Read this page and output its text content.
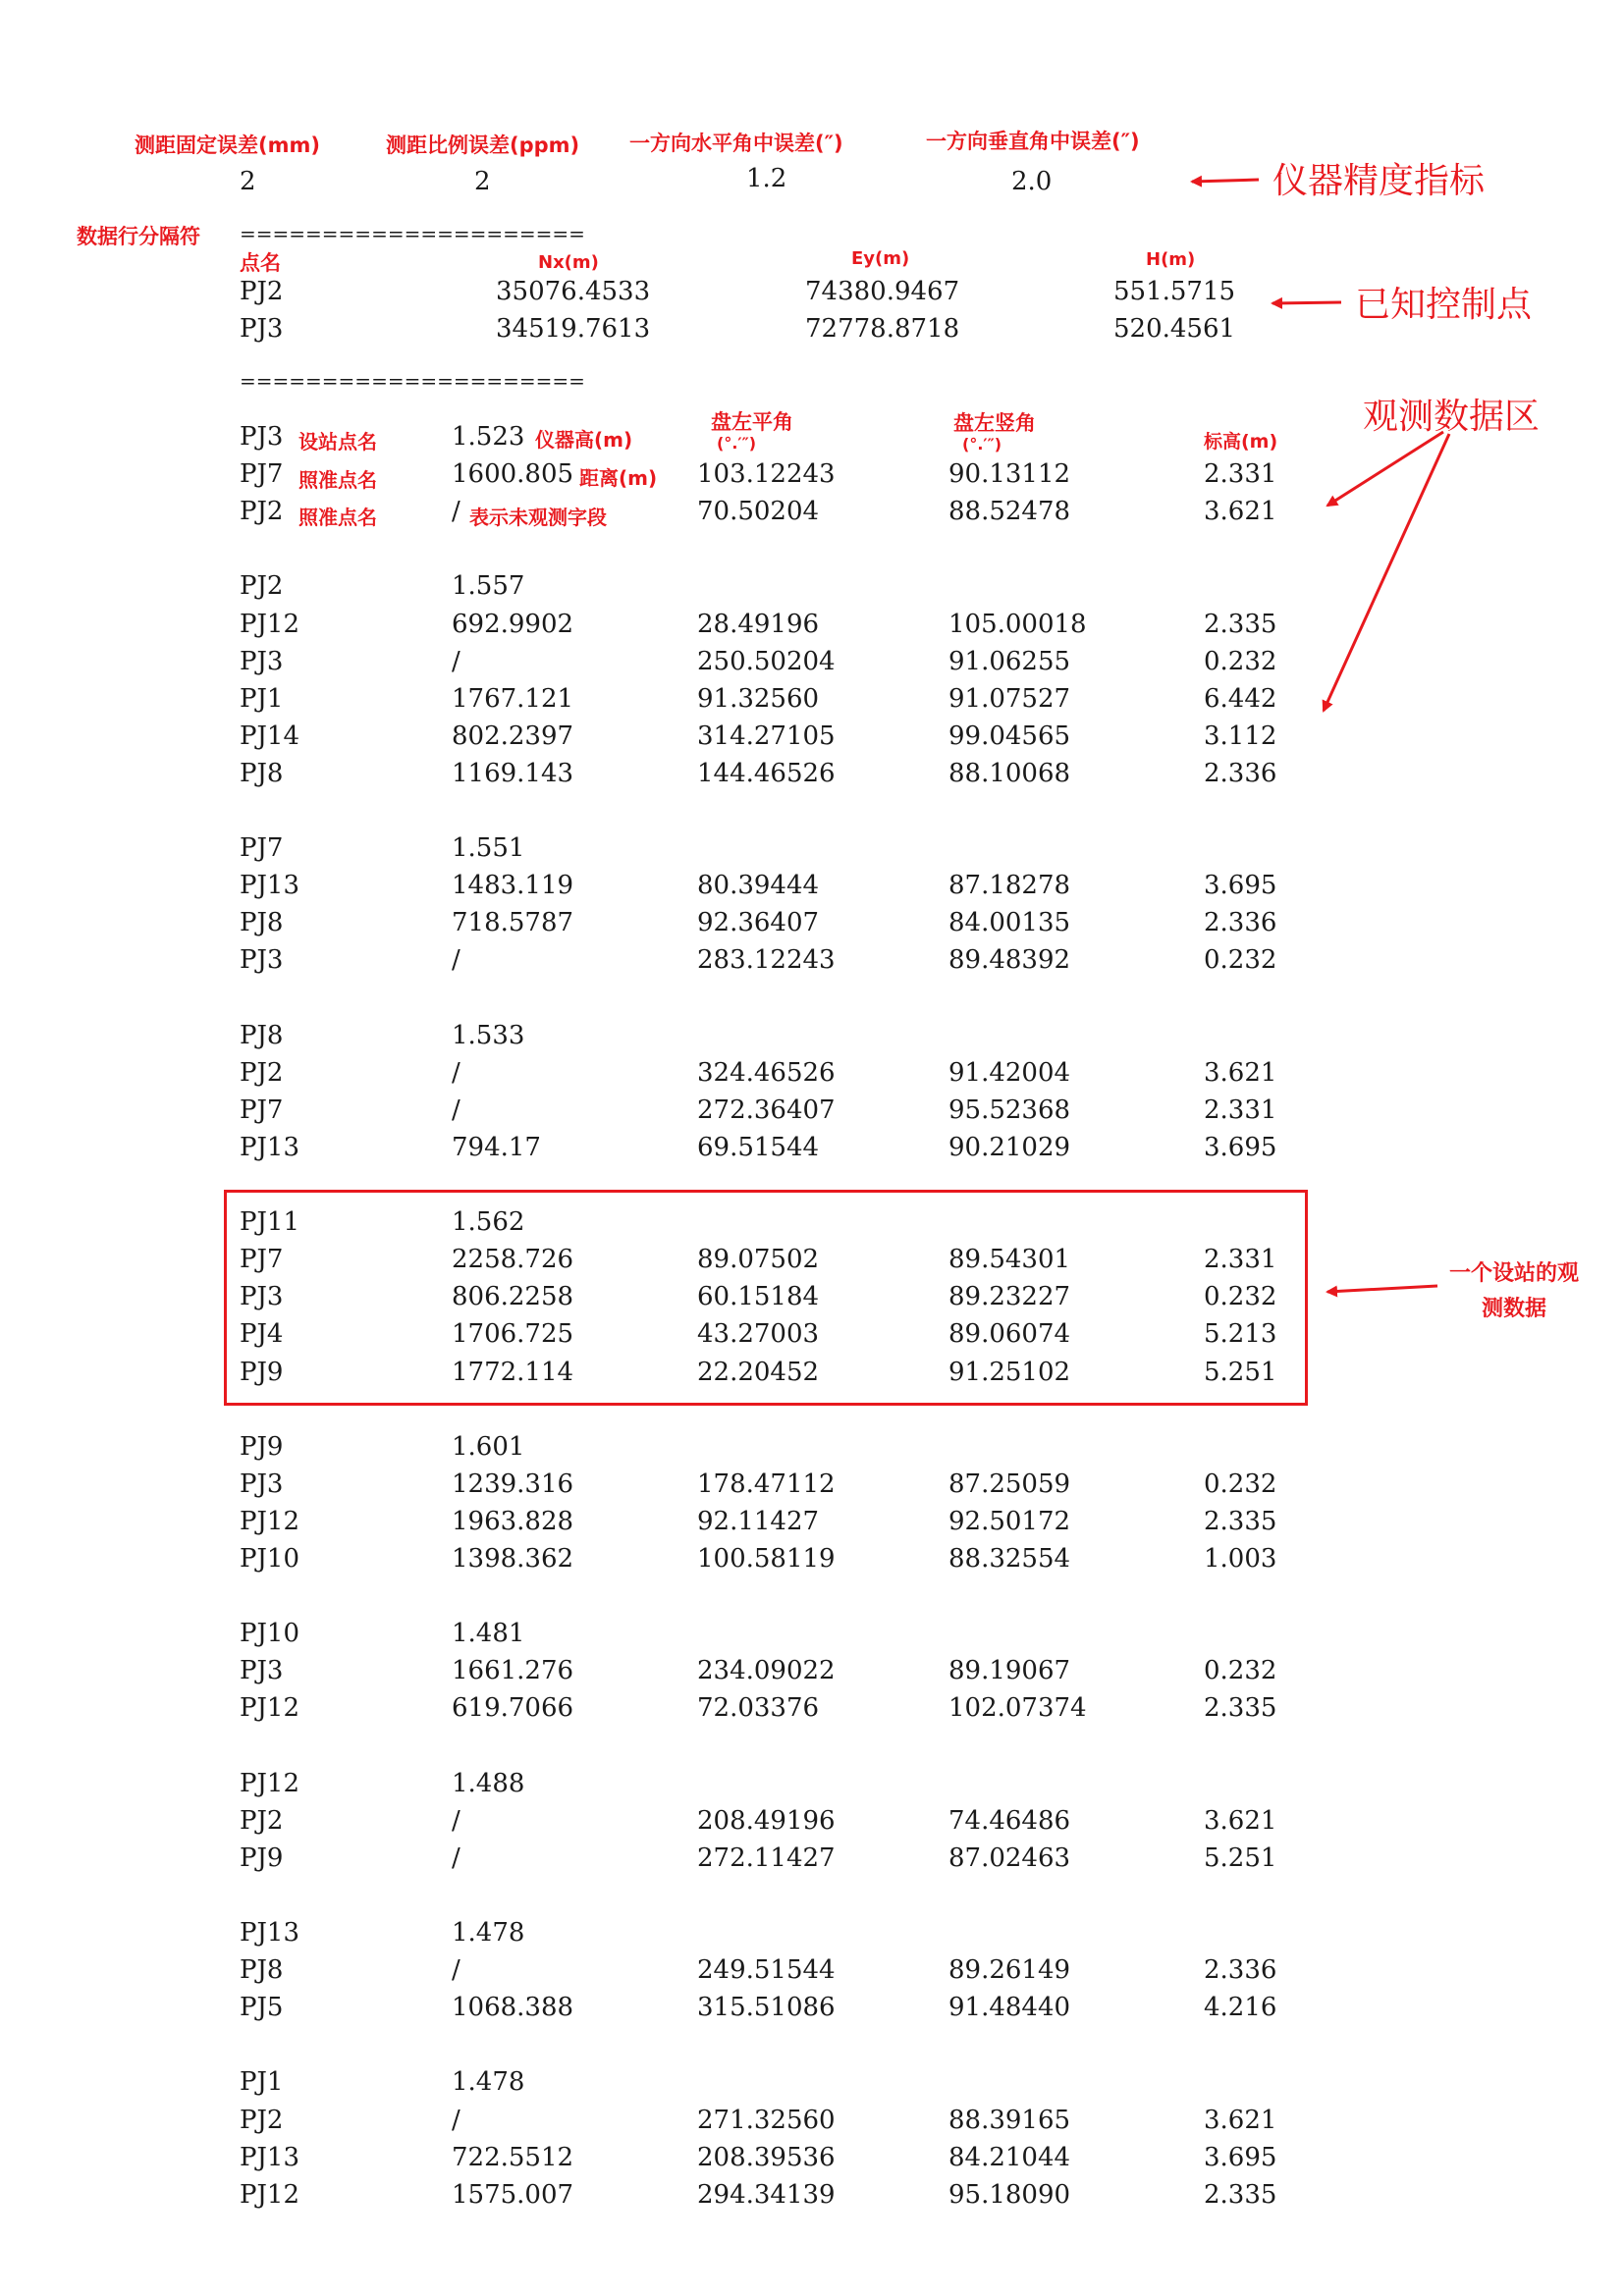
测距固定误差(mm)	测距比例误差(ppm) 一方向水平角中误差(″)	一方向垂直角中误差(″)
2	2	1.2	2.0	仪器精度指标
数据行分隔符 =====================
点名	Nx(m)	Ey(m)	H(m)
PJ2	35076.4533	74380.9467	551.5715
PJ3	34519.7613	72778.8718	520.4561
已知控制点
=====================
盘左平角
(°.′″)
盘左竖角
(°.′″)	标高(m)
观测数据区
设站点名	仪器高(m)
照准点名	距离(m)
照准点名	表示未观测字段
一个设站的观测数据
PJ3	1.523
PJ7	1600.805	103.12243	90.13112	2.331
PJ2	/	70.50204	88.52478	3.621
PJ2	1.557
PJ12	692.9902	28.49196	105.00018	2.335
PJ3	/	250.50204	91.06255	0.232
PJ1	1767.121	91.32560	91.07527	6.442
PJ14	802.2397	314.27105	99.04565	3.112
PJ8	1169.143	144.46526	88.10068	2.336
PJ7	1.551
PJ13	1483.119	80.39444	87.18278	3.695
PJ8	718.5787	92.36407	84.00135	2.336
PJ3	/	283.12243	89.48392	0.232
PJ8	1.533
PJ2	/	324.46526	91.42004	3.621
PJ7	/	272.36407	95.52368	2.331
PJ13	794.17	69.51544	90.21029	3.695
PJ11	1.562
PJ7	2258.726	89.07502	89.54301	2.331
PJ3	806.2258	60.15184	89.23227	0.232
PJ4	1706.725	43.27003	89.06074	5.213
PJ9	1772.114	22.20452	91.25102	5.251
PJ9	1.601
PJ3	1239.316	178.47112	87.25059	0.232
PJ12	1963.828	92.11427	92.50172	2.335
PJ10	1398.362	100.58119	88.32554	1.003
PJ10	1.481
PJ3	1661.276	234.09022	89.19067	0.232
PJ12	619.7066	72.03376	102.07374	2.335
PJ12	1.488
PJ2	/	208.49196	74.46486	3.621
PJ9	/	272.11427	87.02463	5.251
PJ13	1.478
PJ8	/	249.51544	89.26149	2.336
PJ5	1068.388	315.51086	91.48440	4.216
PJ1	1.478
PJ2	/	271.32560	88.39165	3.621
PJ13	722.5512	208.39536	84.21044	3.695
PJ12	1575.007	294.34139	95.18090	2.335
